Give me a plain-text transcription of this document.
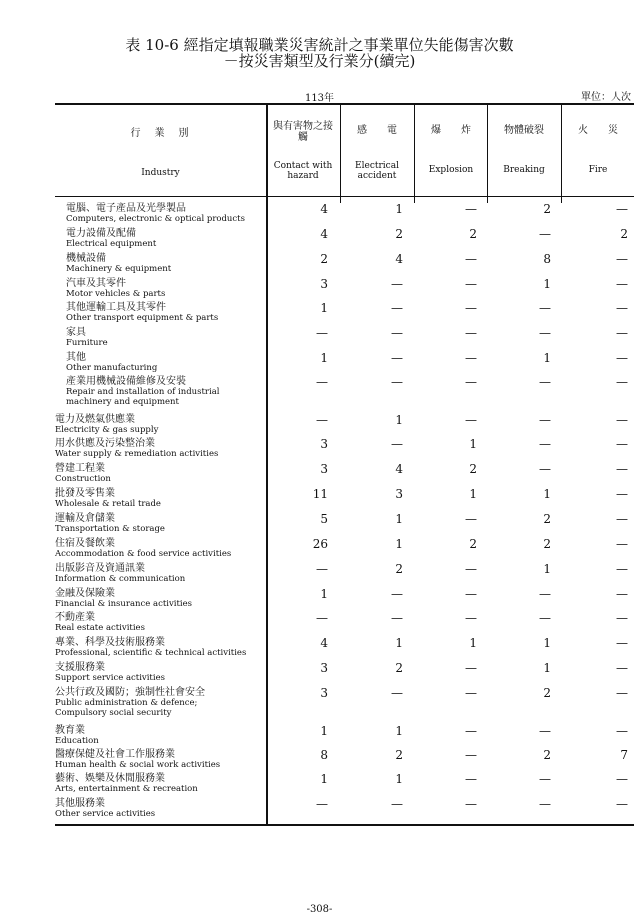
表 10-6 經指定填報職業災害統計之事業單位失能傷害次數
－按災害類型及行業分(續完)
113年	單位：人次
行　業　別
Industry
與有害物之接觸
Contact with hazard
感　　電
Electrical accident
爆　　炸
Explosion
物體破裂
Breaking
火　　災
Fire
電腦、電子產品及光學製品
Computers, electronic & optical products
4	1	—	2	—
電力設備及配備
Electrical equipment
4	2	2	—	2
機械設備
Machinery & equipment
2	4	—	8	—
汽車及其零件
Motor vehicles & parts
3	—	—	1	—
其他運輸工具及其零件
Other transport equipment & parts
1	—	—	—	—
家具
Furniture
—	—	—	—	—
其他
Other manufacturing
1	—	—	1	—
產業用機械設備維修及安裝
Repair and installation of industrial
machinery and equipment
—	—	—	—	—
電力及燃氣供應業
Electricity & gas supply
—	1	—	—	—
用水供應及污染整治業
Water supply & remediation activities
3	—	1	—	—
營建工程業
Construction
3	4	2	—	—
批發及零售業
Wholesale & retail trade
11	3	1	1	—
運輸及倉儲業
Transportation & storage
5	1	—	2	—
住宿及餐飲業
Accommodation & food service activities
26	1	2	2	—
出版影音及資通訊業
Information & communication
—	2	—	1	—
金融及保險業
Financial & insurance activities
1	—	—	—	—
不動產業
Real estate activities
—	—	—	—	—
專業、科學及技術服務業
Professional, scientific & technical activities
4	1	1	1	—
支援服務業
Support service activities
3	2	—	1	—
公共行政及國防；強制性社會安全
Public administration & defence;
Compulsory social security
3	—	—	2	—
教育業
Education
1	1	—	—	—
醫療保健及社會工作服務業
Human health & social work activities
8	2	—	2	7
藝術、娛樂及休閒服務業
Arts, entertainment & recreation
1	1	—	—	—
其他服務業
Other service activities
—	—	—	—	—
-308-
